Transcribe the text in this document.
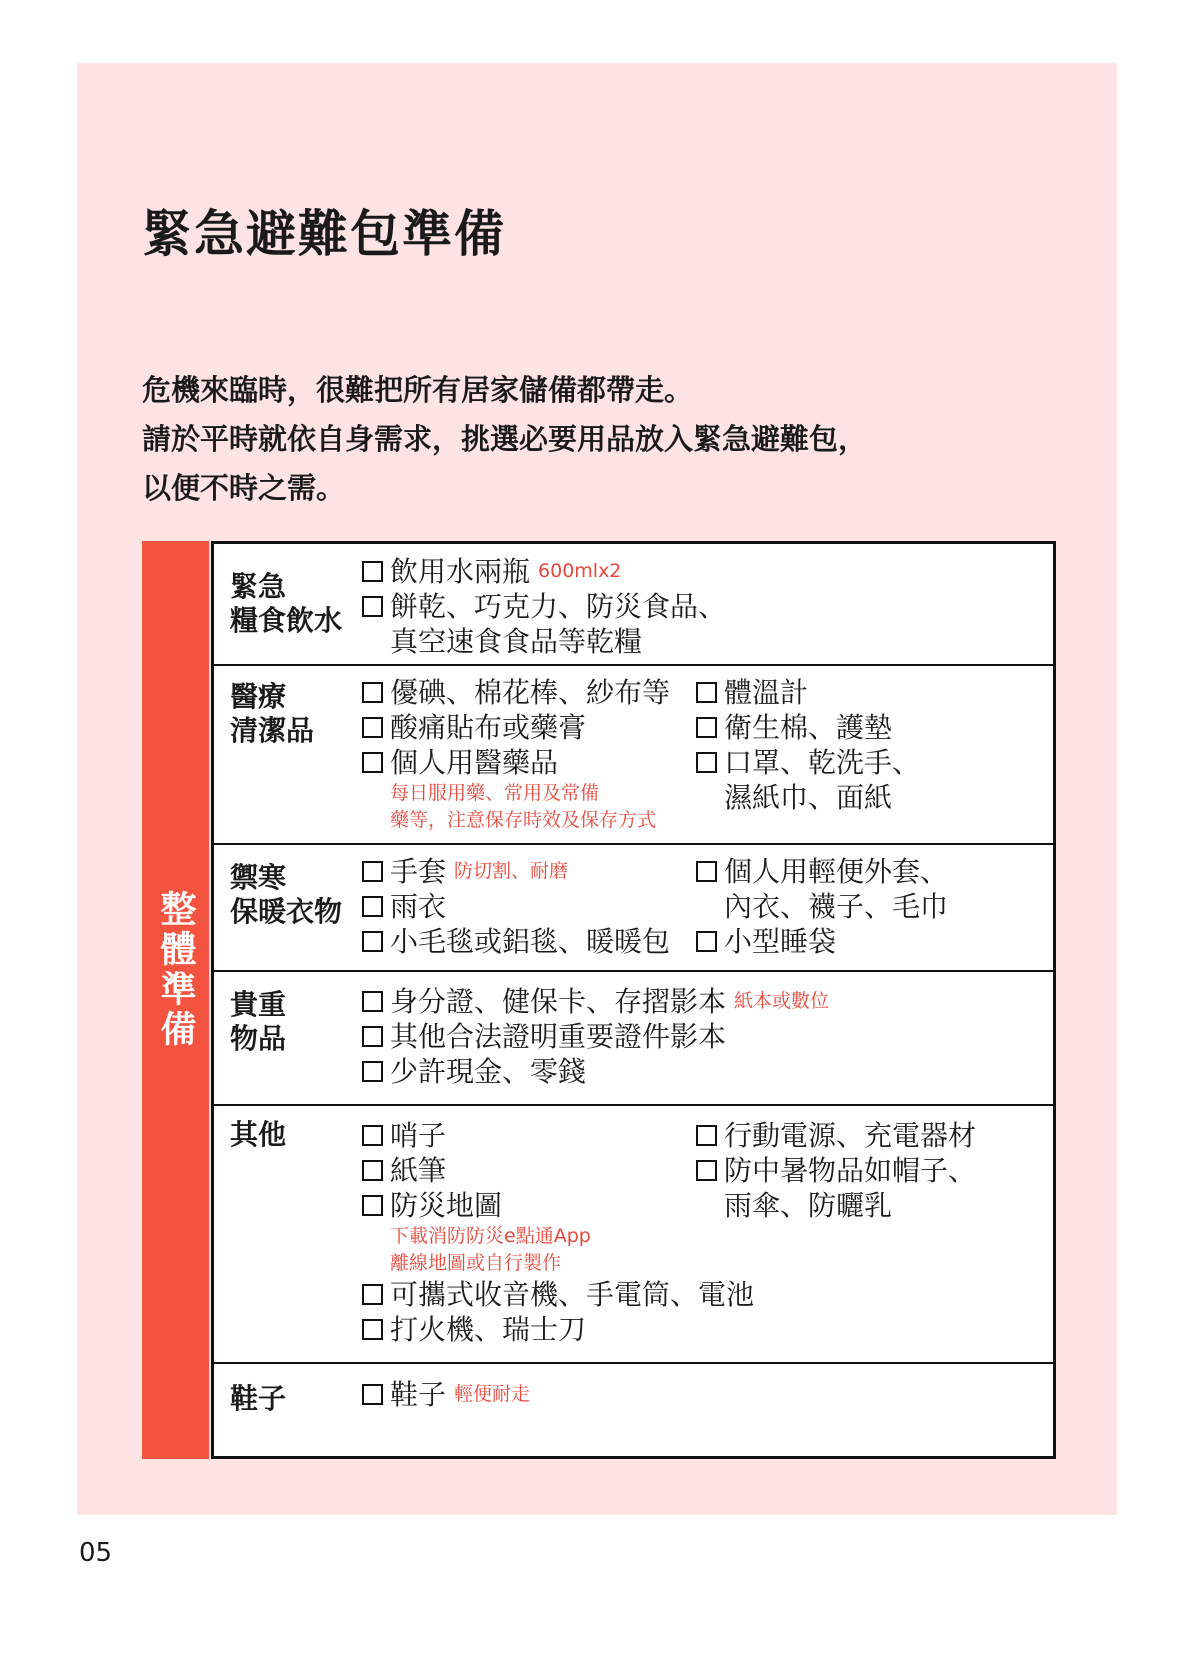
緊急避難包準備
危機來臨時，很難把所有居家儲備都帶走。
請於平時就依自身需求，挑選必要用品放入緊急避難包，
以便不時之需。
整體準備
緊急
糧食飲水
飲用水兩瓶 600mlx2
餅乾、巧克力、防災食品、
真空速食食品等乾糧
醫療
清潔品
優碘、棉花棒、紗布等
酸痛貼布或藥膏
個人用醫藥品
每日服用藥、常用及常備
藥等，注意保存時效及保存方式
體溫計
衛生棉、護墊
口罩、乾洗手、
濕紙巾、面紙
禦寒
保暖衣物
手套 防切割、耐磨
雨衣
小毛毯或鋁毯、暖暖包
個人用輕便外套、
內衣、襪子、毛巾
小型睡袋
貴重
物品
身分證、健保卡、存摺影本 紙本或數位
其他合法證明重要證件影本
少許現金、零錢
其他	哨子
紙筆
防災地圖
下載消防防災e點通App
離線地圖或自行製作
可攜式收音機、手電筒、電池
打火機、瑞士刀
行動電源、充電器材
防中暑物品如帽子、
雨傘、防曬乳
鞋子	鞋子 輕便耐走
05
